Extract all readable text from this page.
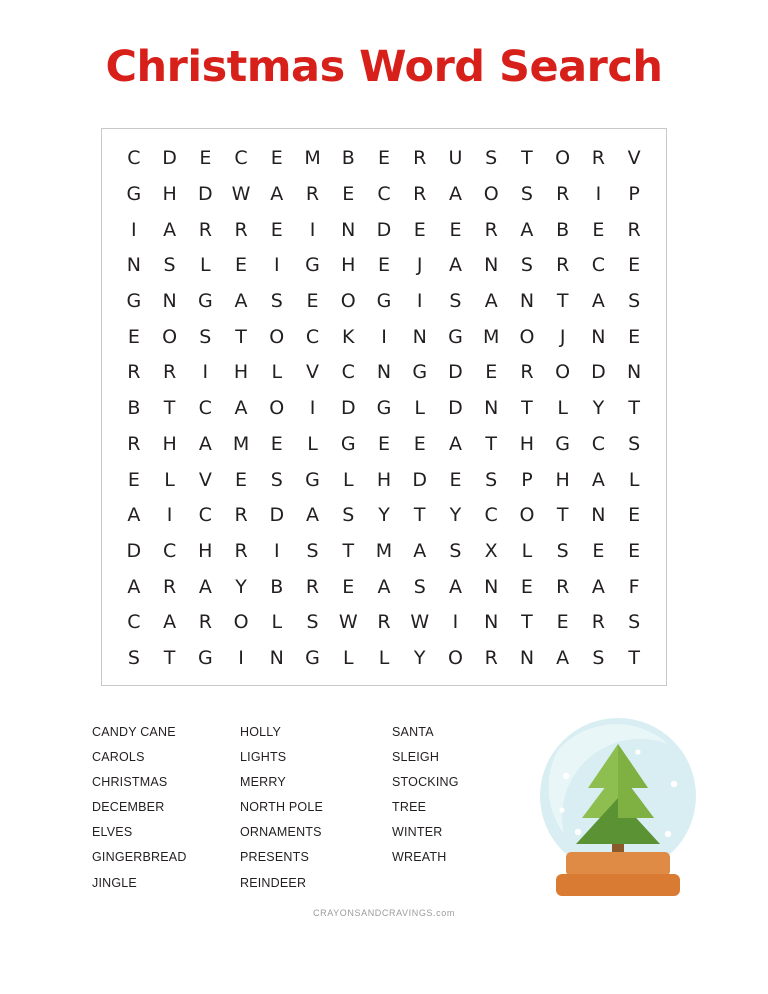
Christmas Word Search
C	D	E	C	E	M	B	E	R	U	S	T	O	R	V
G	H	D	W	A	R	E	C	R	A	O	S	R	I	P
I	A	R	R	E	I	N	D	E	E	R	A	B	E	R
N	S	L	E	I	G	H	E	J	A	N	S	R	C	E
G	N	G	A	S	E	O	G	I	S	A	N	T	A	S
E	O	S	T	O	C	K	I	N	G	M	O	J	N	E
R	R	I	H	L	V	C	N	G	D	E	R	O	D	N
B	T	C	A	O	I	D	G	L	D	N	T	L	Y	T
R	H	A	M	E	L	G	E	E	A	T	H	G	C	S
E	L	V	E	S	G	L	H	D	E	S	P	H	A	L
A	I	C	R	D	A	S	Y	T	Y	C	O	T	N	E
D	C	H	R	I	S	T	M	A	S	X	L	S	E	E
A	R	A	Y	B	R	E	A	S	A	N	E	R	A	F
C	A	R	O	L	S	W	R	W	I	N	T	E	R	S
S	T	G	I	N	G	L	L	Y	O	R	N	A	S	T
CANDY CANE
CAROLS
CHRISTMAS
DECEMBER
ELVES
GINGERBREAD
JINGLE
HOLLY
LIGHTS
MERRY
NORTH POLE
ORNAMENTS
PRESENTS
REINDEER
SANTA
SLEIGH
STOCKING
TREE
WINTER
WREATH
CRAYONSANDCRAVINGS.com
